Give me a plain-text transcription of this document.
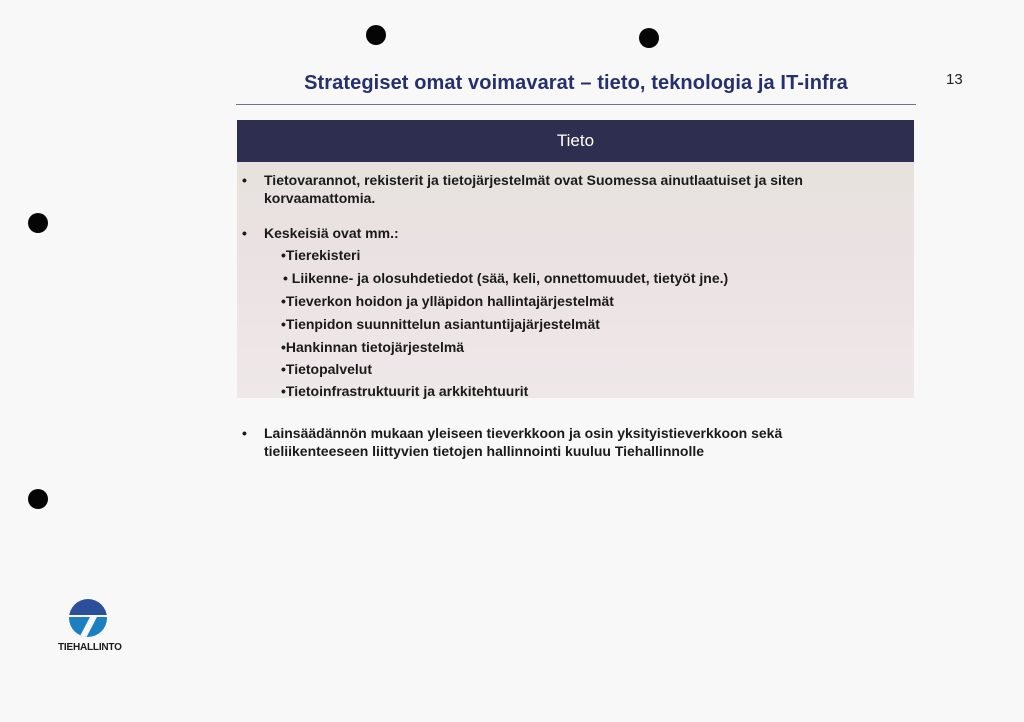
Strategiset omat voimavarat – tieto, teknologia ja IT-infra	13
Tieto
•	Tietovarannot, rekisterit ja tietojärjestelmät ovat Suomessa ainutlaatuiset ja siten korvaamattomia.
•	Keskeisiä ovat mm.:
•Tierekisteri
• Liikenne- ja olosuhdetiedot (sää, keli, onnettomuudet, tietyöt jne.)
•Tieverkon hoidon ja ylläpidon hallintajärjestelmät
•Tienpidon suunnittelun asiantuntijajärjestelmät
•Hankinnan tietojärjestelmä
•Tietopalvelut
•Tietoinfrastruktuurit ja arkkitehtuurit
•	Lainsäädännön mukaan yleiseen tieverkkoon ja osin yksityistieverkkoon sekä tieliikenteeseen liittyvien tietojen hallinnointi kuuluu Tiehallinnolle
TIEHALLINTO
